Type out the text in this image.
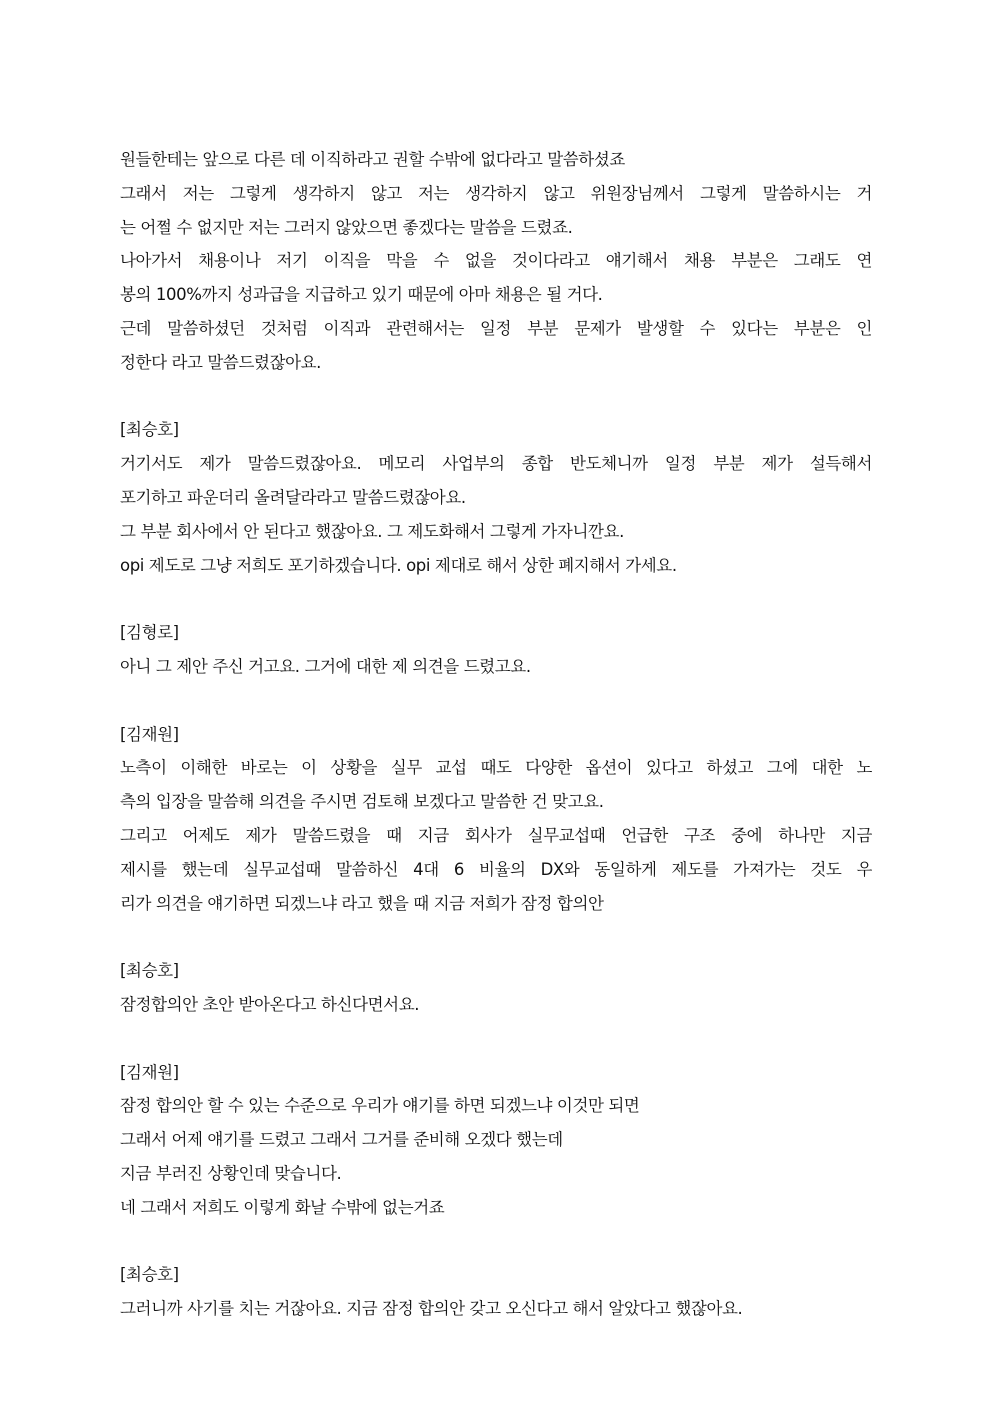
원들한테는 앞으로 다른 데 이직하라고 권할 수밖에 없다라고 말씀하셨죠
그래서 저는 그렇게 생각하지 않고 저는 생각하지 않고 위원장님께서 그렇게 말씀하시는 거
는 어쩔 수 없지만 저는 그러지 않았으면 좋겠다는 말씀을 드렸죠.
나아가서 채용이나 저기 이직을 막을 수 없을 것이다라고 얘기해서 채용 부분은 그래도 연
봉의 100%까지 성과급을 지급하고 있기 때문에 아마 채용은 될 거다.
근데 말씀하셨던 것처럼 이직과 관련해서는 일정 부분 문제가 발생할 수 있다는 부분은 인
정한다 라고 말씀드렸잖아요.
[최승호]
거기서도 제가 말씀드렸잖아요. 메모리 사업부의 종합 반도체니까 일정 부분 제가 설득해서
포기하고 파운더리 올려달라라고 말씀드렸잖아요.
그 부분 회사에서 안 된다고 했잖아요. 그 제도화해서 그렇게 가자니깐요.
opi 제도로 그냥 저희도 포기하겠습니다. opi 제대로 해서 상한 폐지해서 가세요.
[김형로]
아니 그 제안 주신 거고요. 그거에 대한 제 의견을 드렸고요.
[김재원]
노측이 이해한 바로는 이 상황을 실무 교섭 때도 다양한 옵션이 있다고 하셨고 그에 대한 노
측의 입장을 말씀해 의견을 주시면 검토해 보겠다고 말씀한 건 맞고요.
그리고 어제도 제가 말씀드렸을 때 지금 회사가 실무교섭때 언급한 구조 중에 하나만 지금
제시를 했는데 실무교섭때 말씀하신 4대 6 비율의 DX와 동일하게 제도를 가져가는 것도 우
리가 의견을 얘기하면 되겠느냐 라고 했을 때 지금 저희가 잠정 합의안
[최승호]
잠정합의안 초안 받아온다고 하신다면서요.
[김재원]
잠정 합의안 할 수 있는 수준으로 우리가 얘기를 하면 되겠느냐 이것만 되면
그래서 어제 얘기를 드렸고 그래서 그거를 준비해 오겠다 했는데
지금 부러진 상황인데 맞습니다.
네 그래서 저희도 이렇게 화날 수밖에 없는거죠
[최승호]
그러니까 사기를 치는 거잖아요. 지금 잠정 합의안 갖고 오신다고 해서 알았다고 했잖아요.
